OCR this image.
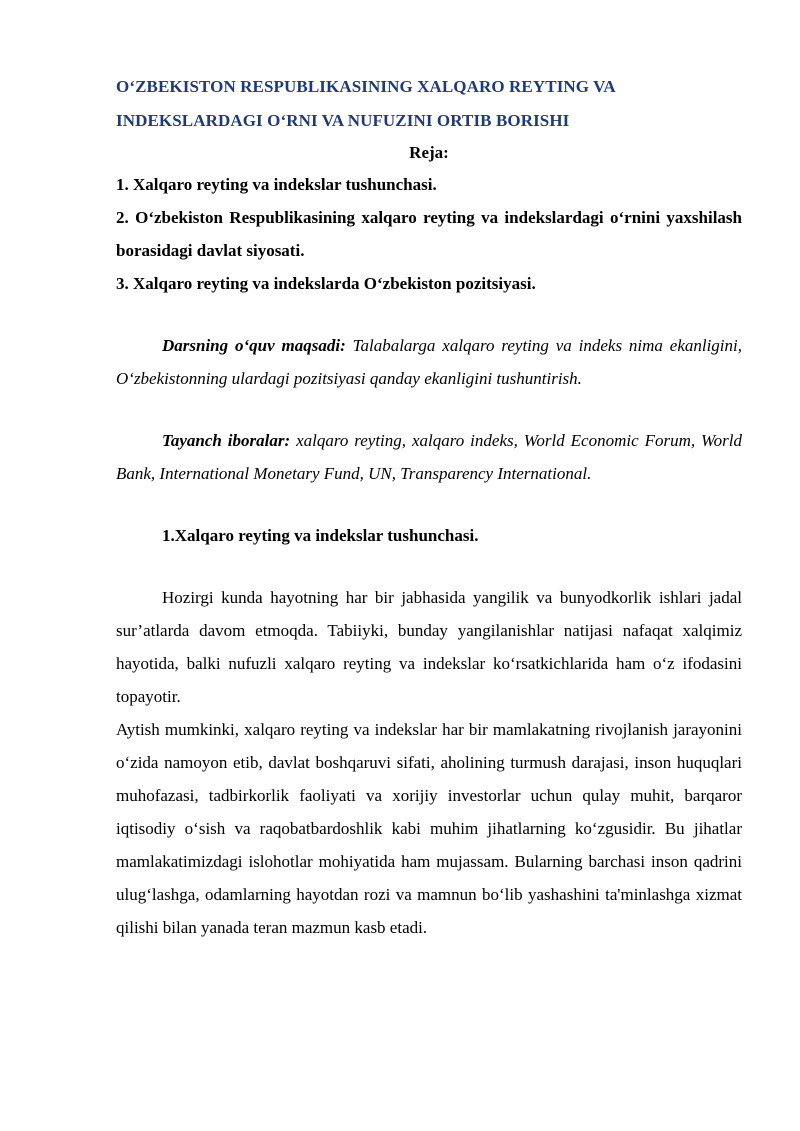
O‘ZBEKISTON RESPUBLIKASINING XALQARO REYTING VA

INDEKSLARDAGI O‘RNI VA NUFUZINI ORTIB BORISHI

Reja:

1. Xalqaro reyting va indekslar tushunchasi.

2. O‘zbekiston Respublikasining xalqaro reyting va indekslardagi o‘rnini yaxshilash borasidagi davlat siyosati.

3. Xalqaro reyting va indekslarda O‘zbekiston pozitsiyasi.

Darsning o‘quv maqsadi: Talabalarga xalqaro reyting va indeks nima ekanligini, O‘zbekistonning ulardagi pozitsiyasi qanday ekanligini tushuntirish.

Tayanch iboralar: xalqaro reyting, xalqaro indeks, World Economic Forum, World Bank, International Monetary Fund, UN, Transparency International.

1.Xalqaro reyting va indekslar tushunchasi.

Hozirgi kunda hayotning har bir jabhasida yangilik va bunyodkorlik ishlari jadal sur’atlarda davom etmoqda. Tabiiyki, bunday yangilanishlar natijasi nafaqat xalqimiz hayotida, balki nufuzli xalqaro reyting va indekslar ko‘rsatkichlarida ham o‘z ifodasini topayotir.

Aytish mumkinki, xalqaro reyting va indekslar har bir mamlakatning rivojlanish jarayonini o‘zida namoyon etib, davlat boshqaruvi sifati, aholining turmush darajasi, inson huquqlari muhofazasi, tadbirkorlik faoliyati va xorijiy investorlar uchun qulay muhit, barqaror iqtisodiy o‘sish va raqobatbardoshlik kabi muhim jihatlarning ko‘zgusidir. Bu jihatlar mamlakatimizdagi islohotlar mohiyatida ham mujassam. Bularning barchasi inson qadrini ulug‘lashga, odamlarning hayotdan rozi va mamnun bo‘lib yashashini ta'minlashga xizmat qilishi bilan yanada teran mazmun kasb etadi.
